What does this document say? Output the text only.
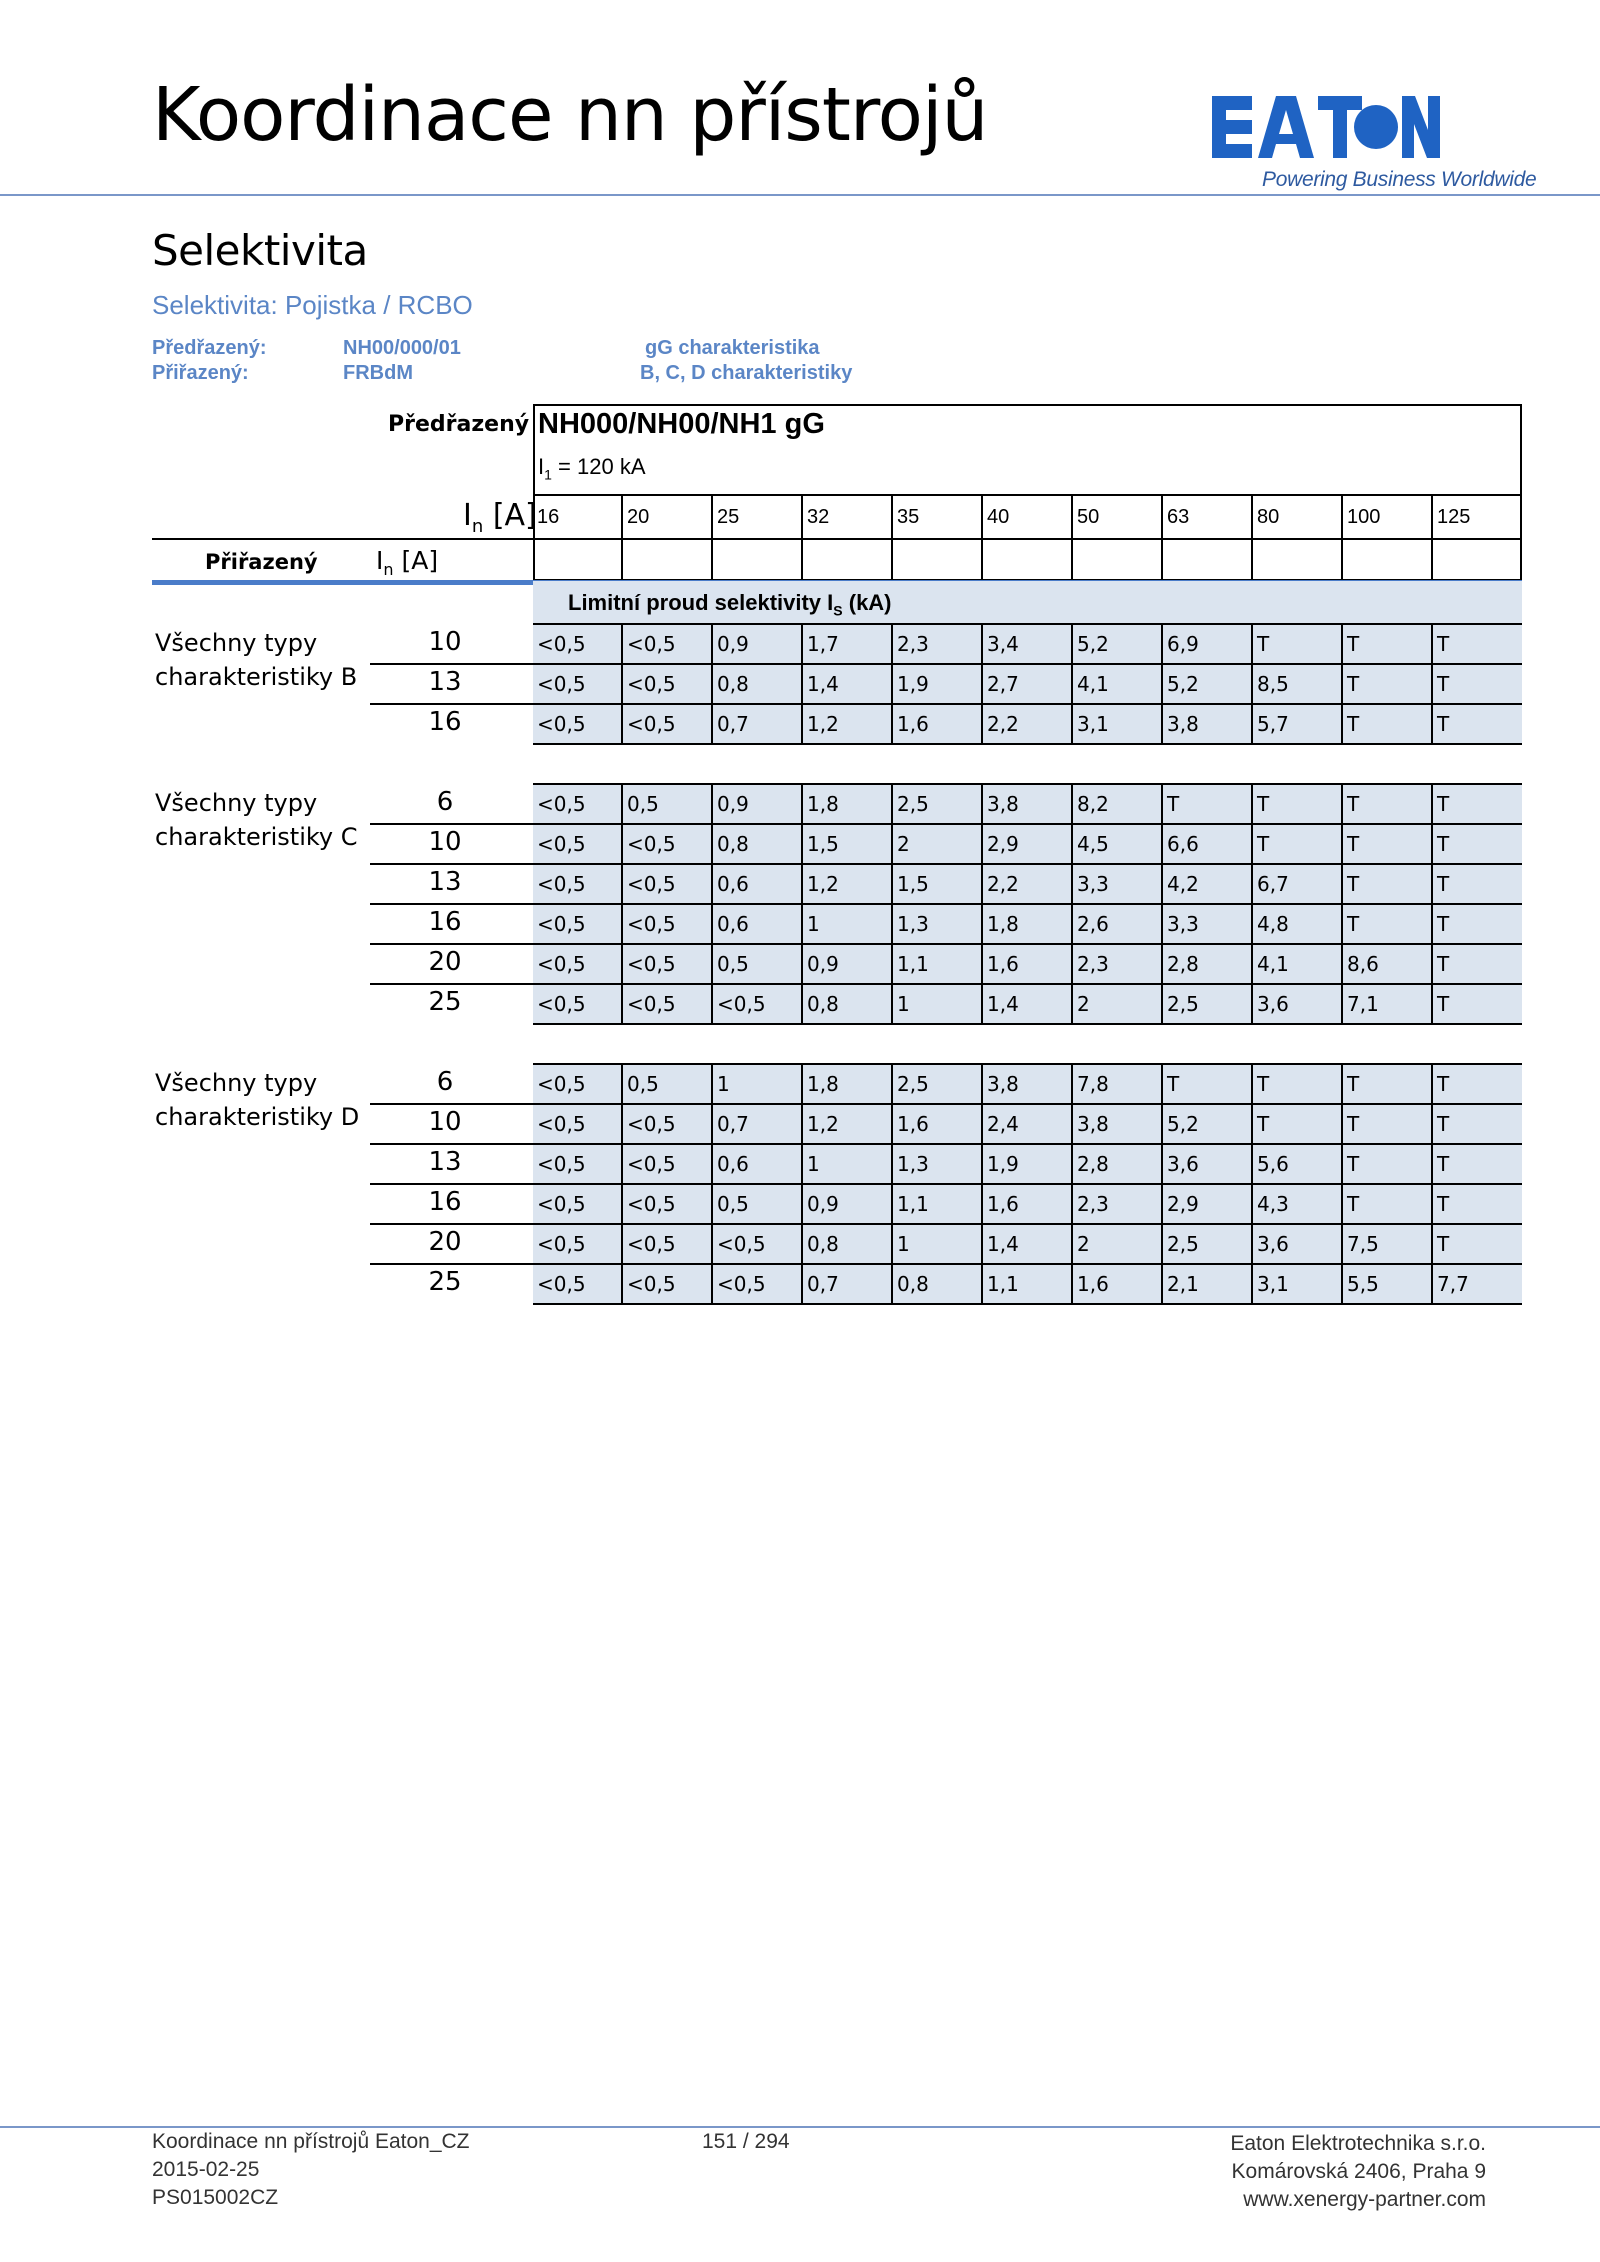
Koordinace nn přístrojů
Powering Business Worldwide
Selektivita
Selektivita: Pojistka / RCBO
Předřazený:	NH00/000/01	gG charakteristika
Přiřazený:	FRBdM	B, C, D charakteristiky
Předřazený NH000/NH00/NH1 gG
$I_1 = 120$ kA
$I_n$ [A] 16	20	25	32	35	40	50	63	80	100	125
Přiřazený $I_n$ [A]
Limitní proud selektivity $I_S$ (kA)
Všechny typy
charakteristiky B
10	<0,5	<0,5	0,9	1,7	2,3	3,4	5,2	6,9	T	T	T
13	<0,5	<0,5	0,8	1,4	1,9	2,7	4,1	5,2	8,5	T	T
16	<0,5	<0,5	0,7	1,2	1,6	2,2	3,1	3,8	5,7	T	T
Všechny typy
charakteristiky C
6	<0,5	0,5	0,9	1,8	2,5	3,8	8,2	T	T	T	T
10	<0,5	<0,5	0,8	1,5	2	2,9	4,5	6,6	T	T	T
13	<0,5	<0,5	0,6	1,2	1,5	2,2	3,3	4,2	6,7	T	T
16	<0,5	<0,5	0,6	1	1,3	1,8	2,6	3,3	4,8	T	T
20	<0,5	<0,5	0,5	0,9	1,1	1,6	2,3	2,8	4,1	8,6	T
25	<0,5	<0,5	<0,5	0,8	1	1,4	2	2,5	3,6	7,1	T
Všechny typy
charakteristiky D
6	<0,5	0,5	1	1,8	2,5	3,8	7,8	T	T	T	T
10	<0,5	<0,5	0,7	1,2	1,6	2,4	3,8	5,2	T	T	T
13	<0,5	<0,5	0,6	1	1,3	1,9	2,8	3,6	5,6	T	T
16	<0,5	<0,5	0,5	0,9	1,1	1,6	2,3	2,9	4,3	T	T
20	<0,5	<0,5	<0,5	0,8	1	1,4	2	2,5	3,6	7,5	T
25	<0,5	<0,5	<0,5	0,7	0,8	1,1	1,6	2,1	3,1	5,5	7,7
Koordinace nn přístrojů Eaton_CZ
2015-02-25
PS015002CZ
151 / 294	Eaton Elektrotechnika s.r.o.
Komárovská 2406, Praha 9
www.xenergy-partner.com
